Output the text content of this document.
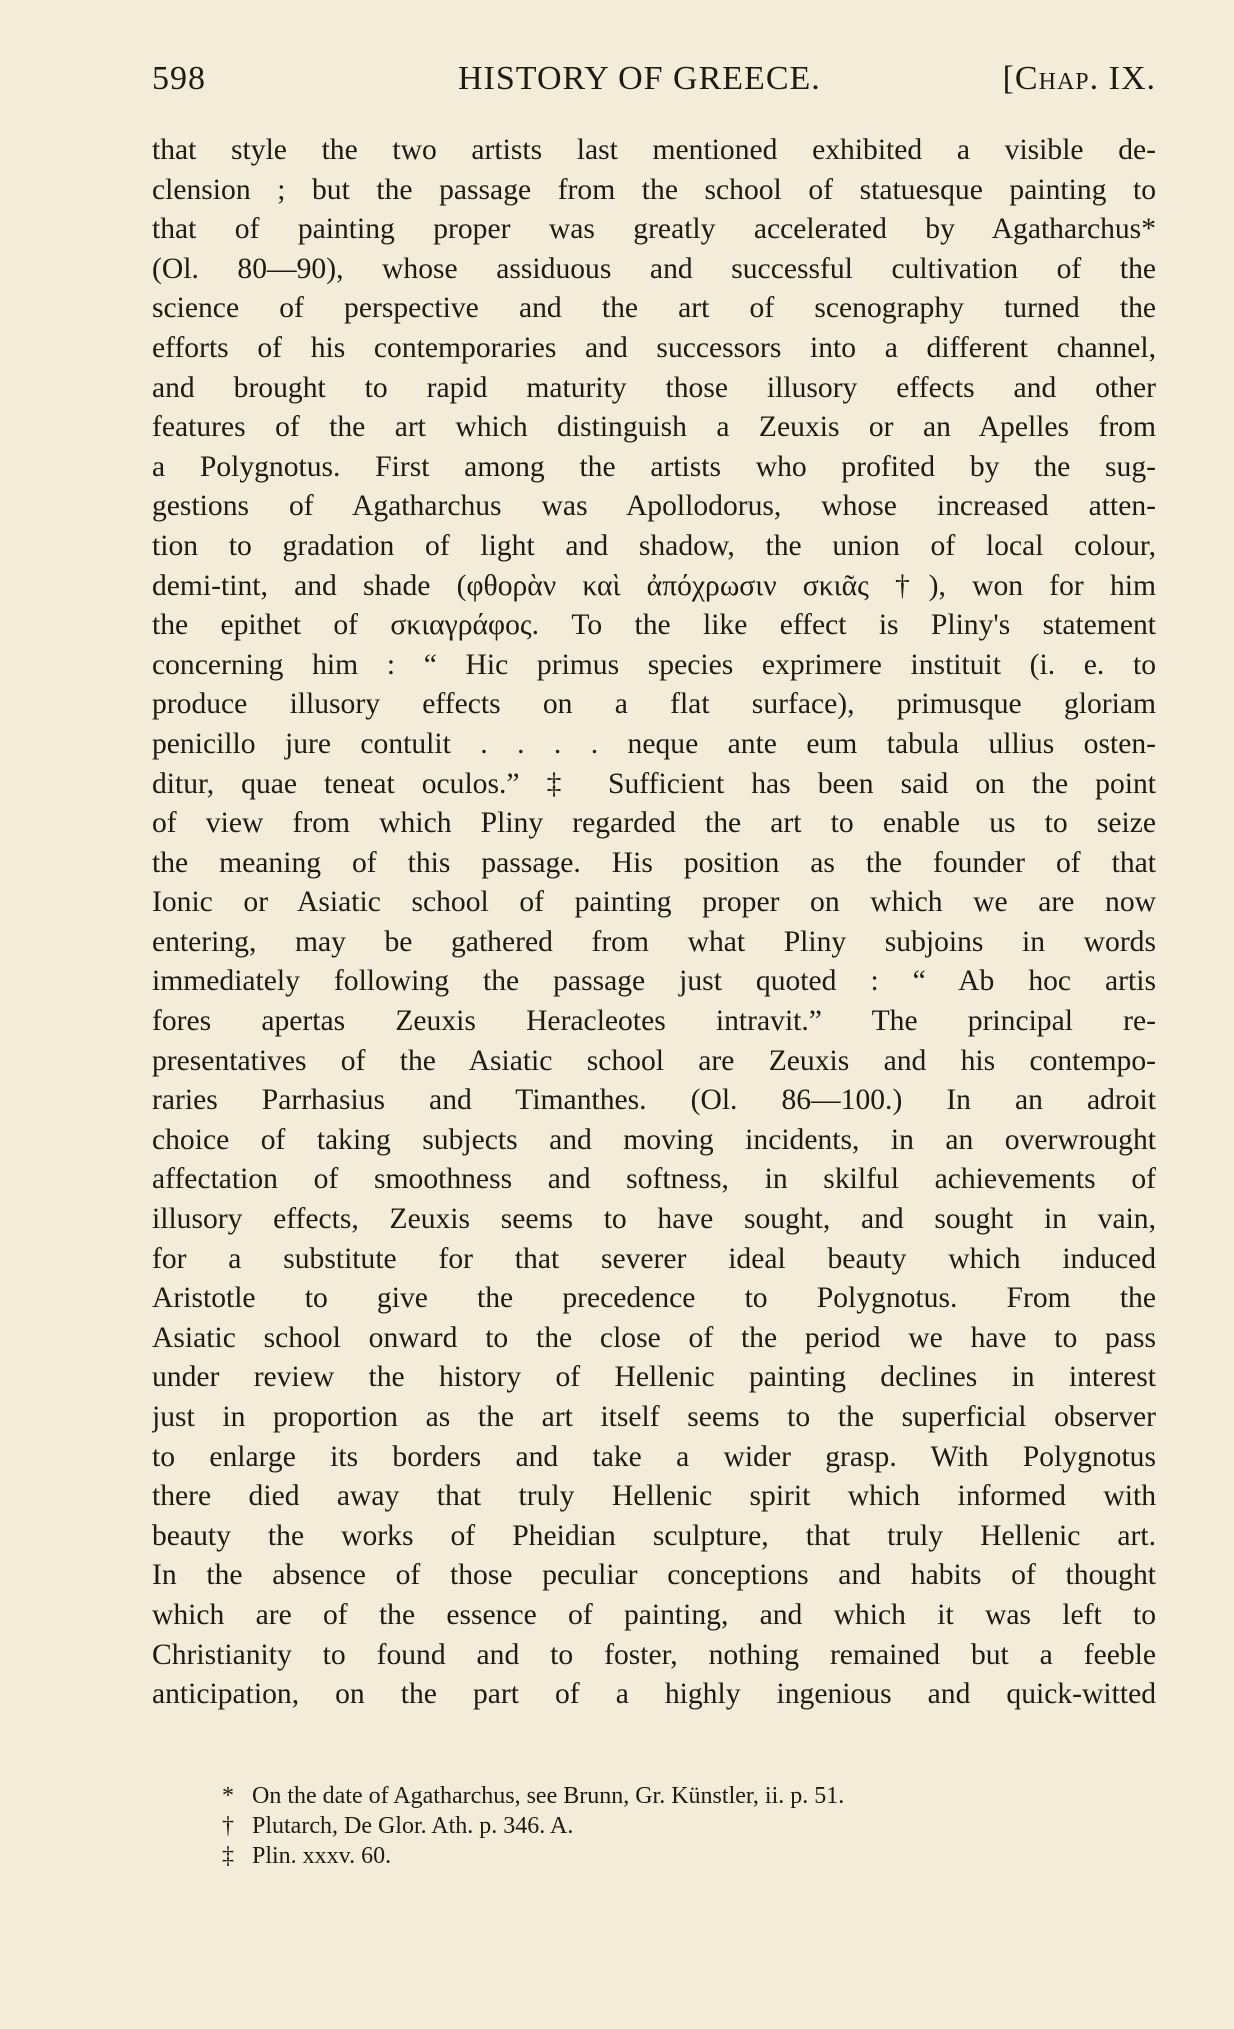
598	HISTORY OF GREECE.	[Chap. IX.
that style the two artists last mentioned exhibited a visible de-
clension ; but the passage from the school of statuesque painting to
that of painting proper was greatly accelerated by Agatharchus*
(Ol. 80—90), whose assiduous and successful cultivation of the
science of perspective and the art of scenography turned the
efforts of his contemporaries and successors into a different channel,
and brought to rapid maturity those illusory effects and other
features of the art which distinguish a Zeuxis or an Apelles from
a Polygnotus. First among the artists who profited by the sug-
gestions of Agatharchus was Apollodorus, whose increased atten-
tion to gradation of light and shadow, the union of local colour,
demi-tint, and shade (φθορὰν καὶ ἀπόχρωσιν σκιᾶς †), won for him
the epithet of σκιαγράφος. To the like effect is Pliny's statement
concerning him : “ Hic primus species exprimere instituit (i. e. to
produce illusory effects on a flat surface), primusque gloriam
penicillo jure contulit . . . . neque ante eum tabula ullius osten-
ditur, quae teneat oculos.” ‡ Sufficient has been said on the point
of view from which Pliny regarded the art to enable us to seize
the meaning of this passage. His position as the founder of that
Ionic or Asiatic school of painting proper on which we are now
entering, may be gathered from what Pliny subjoins in words
immediately following the passage just quoted : “ Ab hoc artis
fores apertas Zeuxis Heracleotes intravit.” The principal re-
presentatives of the Asiatic school are Zeuxis and his contempo-
raries Parrhasius and Timanthes. (Ol. 86—100.) In an adroit
choice of taking subjects and moving incidents, in an overwrought
affectation of smoothness and softness, in skilful achievements of
illusory effects, Zeuxis seems to have sought, and sought in vain,
for a substitute for that severer ideal beauty which induced
Aristotle to give the precedence to Polygnotus. From the
Asiatic school onward to the close of the period we have to pass
under review the history of Hellenic painting declines in interest
just in proportion as the art itself seems to the superficial observer
to enlarge its borders and take a wider grasp. With Polygnotus
there died away that truly Hellenic spirit which informed with
beauty the works of Pheidian sculpture, that truly Hellenic art.
In the absence of those peculiar conceptions and habits of thought
which are of the essence of painting, and which it was left to
Christianity to found and to foster, nothing remained but a feeble
anticipation, on the part of a highly ingenious and quick-witted
* On the date of Agatharchus, see Brunn, Gr. Künstler, ii. p. 51.
† Plutarch, De Glor. Ath. p. 346. A.
‡ Plin. xxxv. 60.
